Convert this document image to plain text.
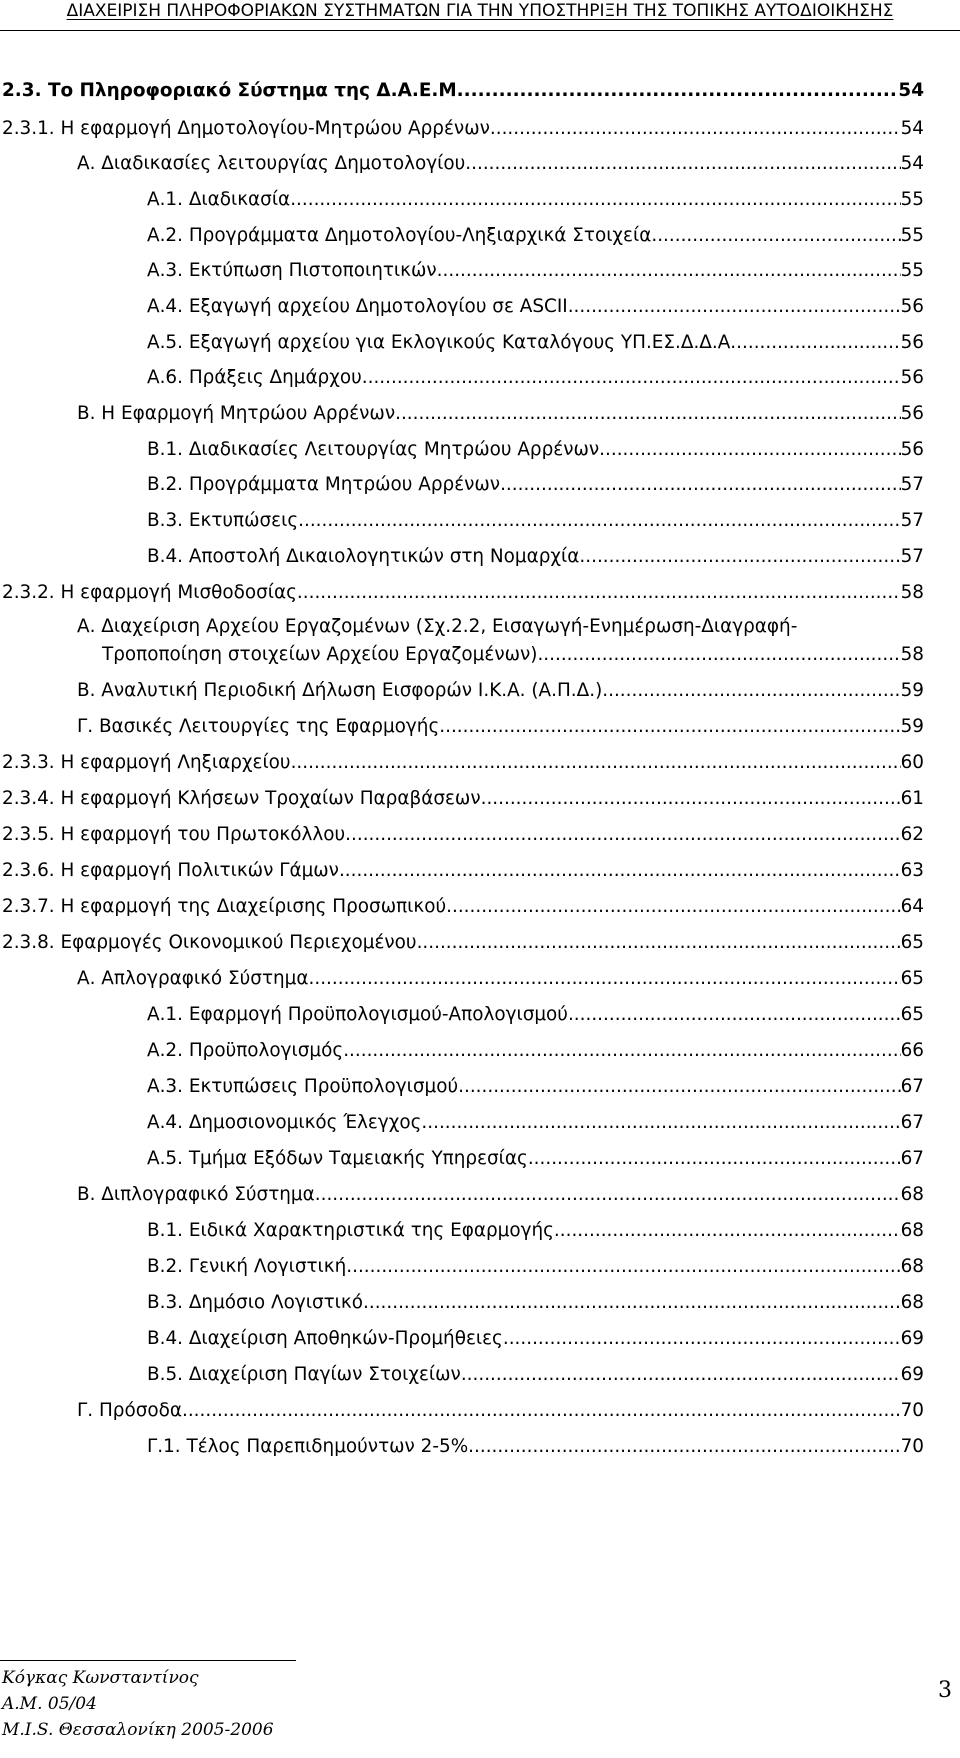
ΔΙΑΧΕΙΡΙΣΗ ΠΛΗΡΟΦΟΡΙΑΚΩΝ ΣΥΣΤΗΜΑΤΩΝ ΓΙΑ ΤΗΝ ΥΠΟΣΤΗΡΙΞΗ ΤΗΣ ΤΟΠΙΚΗΣ ΑΥΤΟΔΙΟΙΚΗΣΗΣ
2.3. Το Πληροφοριακό Σύστημα της Δ.Α.Ε.Μ. .....	54
2.3.1. Η εφαρμογή Δημοτολογίου-Μητρώου Αρρένων .....	54
Α. Διαδικασίες λειτουργίας Δημοτολογίου .....	54
Α.1. Διαδικασία .....	55
Α.2. Προγράμματα Δημοτολογίου-Ληξιαρχικά Στοιχεία .....	55
Α.3. Εκτύπωση Πιστοποιητικών .....	55
Α.4. Εξαγωγή αρχείου Δημοτολογίου σε ASCII .....	56
Α.5. Εξαγωγή αρχείου για Εκλογικούς Καταλόγους ΥΠ.ΕΣ.Δ.Δ.Α. .....	56
Α.6. Πράξεις Δημάρχου .....	56
Β. Η Εφαρμογή Μητρώου Αρρένων .....	56
Β.1. Διαδικασίες Λειτουργίας Μητρώου Αρρένων .....	56
Β.2. Προγράμματα Μητρώου Αρρένων .....	57
Β.3. Εκτυπώσεις .....	57
Β.4. Αποστολή Δικαιολογητικών στη Νομαρχία .....	57
2.3.2. Η εφαρμογή Μισθοδοσίας .....	58
Α. Διαχείριση Αρχείου Εργαζομένων (Σχ.2.2, Εισαγωγή-Ενημέρωση-Διαγραφή-
Τροποποίηση στοιχείων Αρχείου Εργαζομένων) .....	58
Β. Αναλυτική Περιοδική Δήλωση Εισφορών Ι.Κ.Α. (Α.Π.Δ.) .....	59
Γ. Βασικές Λειτουργίες της Εφαρμογής .....	59
2.3.3. Η εφαρμογή Ληξιαρχείου .....	60
2.3.4. Η εφαρμογή Κλήσεων Τροχαίων Παραβάσεων .....	61
2.3.5. Η εφαρμογή του Πρωτοκόλλου .....	62
2.3.6. Η εφαρμογή Πολιτικών Γάμων .....	63
2.3.7. Η εφαρμογή της Διαχείρισης Προσωπικού .....	64
2.3.8. Εφαρμογές Οικονομικού Περιεχομένου .....	65
Α. Απλογραφικό Σύστημα .....	65
Α.1. Εφαρμογή Προϋπολογισμού-Απολογισμού .....	65
Α.2. Προϋπολογισμός .....	66
Α.3. Εκτυπώσεις Προϋπολογισμού .....	67
Α.4. Δημοσιονομικός Έλεγχος .....	67
Α.5. Τμήμα Εξόδων Ταμειακής Υπηρεσίας .....	67
Β. Διπλογραφικό Σύστημα .....	68
Β.1. Ειδικά Χαρακτηριστικά της Εφαρμογής .....	68
Β.2. Γενική Λογιστική .....	68
Β.3. Δημόσιο Λογιστικό .....	68
Β.4. Διαχείριση Αποθηκών-Προμήθειες .....	69
Β.5. Διαχείριση Παγίων Στοιχείων .....	69
Γ. Πρόσοδα .....	70
Γ.1. Τέλος Παρεπιδημούντων 2-5% .....	70
Κόγκας Κωνσταντίνος
Α.Μ. 05/04
M.I.S. Θεσσαλονίκη 2005-2006
3
